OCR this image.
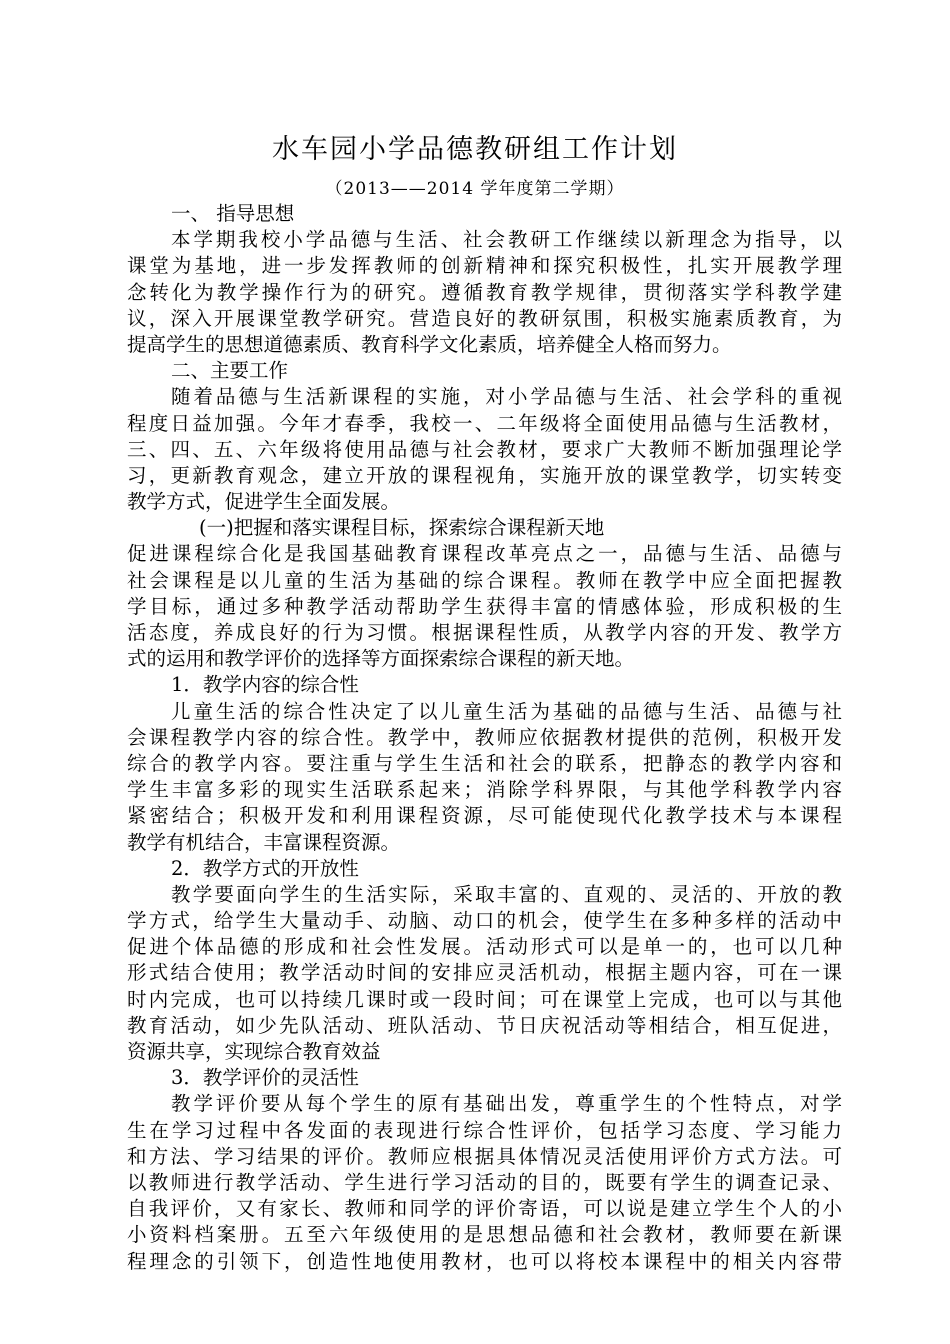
水车园小学品德教研组工作计划
（2013——2014 学年度第二学期）
一、 指导思想
本学期我校小学品德与生活、社会教研工作继续以新理念为指导，以
课堂为基地，进一步发挥教师的创新精神和探究积极性，扎实开展教学理
念转化为教学操作行为的研究。遵循教育教学规律，贯彻落实学科教学建
议，深入开展课堂教学研究。营造良好的教研氛围，积极实施素质教育，为
提高学生的思想道德素质、教育科学文化素质，培养健全人格而努力。
二、主要工作
随着品德与生活新课程的实施，对小学品德与生活、社会学科的重视
程度日益加强。今年才春季，我校一、二年级将全面使用品德与生活教材，
三、四、五、六年级将使用品德与社会教材，要求广大教师不断加强理论学
习，更新教育观念，建立开放的课程视角，实施开放的课堂教学，切实转变
教学方式，促进学生全面发展。
(一)把握和落实课程目标，探索综合课程新天地
促进课程综合化是我国基础教育课程改革亮点之一，品德与生活、品德与
社会课程是以儿童的生活为基础的综合课程。教师在教学中应全面把握教
学目标，通过多种教学活动帮助学生获得丰富的情感体验，形成积极的生
活态度，养成良好的行为习惯。根据课程性质，从教学内容的开发、教学方
式的运用和教学评价的选择等方面探索综合课程的新天地。
1．教学内容的综合性
儿童生活的综合性决定了以儿童生活为基础的品德与生活、品德与社
会课程教学内容的综合性。教学中，教师应依据教材提供的范例，积极开发
综合的教学内容。要注重与学生生活和社会的联系，把静态的教学内容和
学生丰富多彩的现实生活联系起来；消除学科界限，与其他学科教学内容
紧密结合；积极开发和利用课程资源，尽可能使现代化教学技术与本课程
教学有机结合，丰富课程资源。
2．教学方式的开放性
教学要面向学生的生活实际，采取丰富的、直观的、灵活的、开放的教
学方式，给学生大量动手、动脑、动口的机会，使学生在多种多样的活动中
促进个体品德的形成和社会性发展。活动形式可以是单一的，也可以几种
形式结合使用；教学活动时间的安排应灵活机动，根据主题内容，可在一课
时内完成，也可以持续几课时或一段时间；可在课堂上完成，也可以与其他
教育活动，如少先队活动、班队活动、节日庆祝活动等相结合，相互促进，
资源共享，实现综合教育效益
3．教学评价的灵活性
教学评价要从每个学生的原有基础出发，尊重学生的个性特点，对学
生在学习过程中各发面的表现进行综合性评价，包括学习态度、学习能力
和方法、学习结果的评价。教师应根据具体情况灵活使用评价方式方法。可
以教师进行教学活动、学生进行学习活动的目的，既要有学生的调查记录、
自我评价，又有家长、教师和同学的评价寄语，可以说是建立学生个人的小
小资料档案册。五至六年级使用的是思想品德和社会教材，教师要在新课
程理念的引领下，创造性地使用教材，也可以将校本课程中的相关内容带
